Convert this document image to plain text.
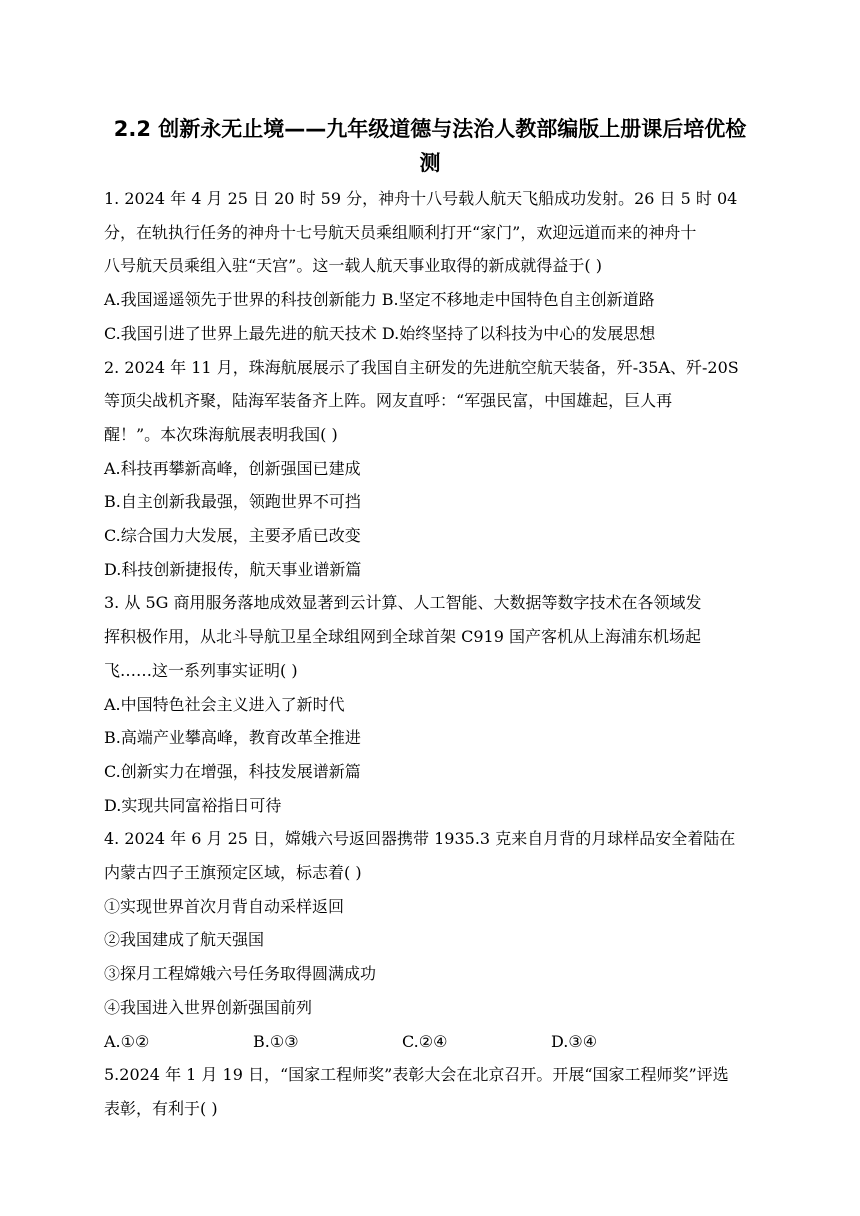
2.2 创新永无止境——九年级道德与法治人教部编版上册课后培优检测

1. 2024 年 4 月 25 日 20 时 59 分，神舟十八号载人航天飞船成功发射。26 日 5 时 04

分，在轨执行任务的神舟十七号航天员乘组顺利打开“家门”，欢迎远道而来的神舟十

八号航天员乘组入驻“天宫”。这一载人航天事业取得的新成就得益于( )

A.我国遥遥领先于世界的科技创新能力 B.坚定不移地走中国特色自主创新道路

C.我国引进了世界上最先进的航天技术 D.始终坚持了以科技为中心的发展思想

2. 2024 年 11 月，珠海航展展示了我国自主研发的先进航空航天装备，歼-35A、歼-20S

等顶尖战机齐聚，陆海军装备齐上阵。网友直呼：“军强民富，中国雄起，巨人再

醒！”。本次珠海航展表明我国( )

A.科技再攀新高峰，创新强国已建成

B.自主创新我最强，领跑世界不可挡

C.综合国力大发展，主要矛盾已改变

D.科技创新捷报传，航天事业谱新篇

3. 从 5G 商用服务落地成效显著到云计算、人工智能、大数据等数字技术在各领域发

挥积极作用，从北斗导航卫星全球组网到全球首架 C919 国产客机从上海浦东机场起

飞……这一系列事实证明( )

A.中国特色社会主义进入了新时代

B.高端产业攀高峰，教育改革全推进

C.创新实力在增强，科技发展谱新篇

D.实现共同富裕指日可待

4. 2024 年 6 月 25 日，嫦娥六号返回器携带 1935.3 克来自月背的月球样品安全着陆在

内蒙古四子王旗预定区域，标志着( )

①实现世界首次月背自动采样返回

②我国建成了航天强国

③探月工程嫦娥六号任务取得圆满成功

④我国进入世界创新强国前列

A.①②	B.①③	C.②④	D.③④

5.2024 年 1 月 19 日，“国家工程师奖”表彰大会在北京召开。开展“国家工程师奖”评选

表彰，有利于( )
